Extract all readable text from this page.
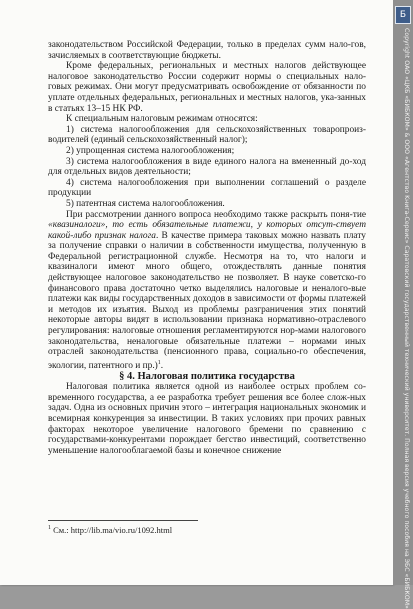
законодательством Российской Федерации, только в пределах сумм нало-гов, зачисляемых в соответствующие бюджеты.

Кроме федеральных, региональных и местных налогов действующее налоговое законодательство России содержит нормы о специальных нало-говых режимах. Они могут предусматривать освобождение от обязанности по уплате отдельных федеральных, региональных и местных налогов, ука-занных в статьях 13–15 НК РФ.

К специальным налоговым режимам относятся:

1) система налогообложения для сельскохозяйственных товаропроиз-водителей (единый сельскохозяйственный налог);

2) упрощенная система налогообложения;

3) система налогообложения в виде единого налога на вмененный до-ход для отдельных видов деятельности;

4) система налогообложения при выполнении соглашений о разделе продукции

5) патентная система налогообложения.

При рассмотрении данного вопроса необходимо также раскрыть поня-тие «квазиналоги», то есть обязательные платежи, у которых отсут-ствует какой-либо признак налога. В качестве примера таковых можно назвать плату за получение справки о наличии в собственности имущества, полученную в Федеральной регистрационной службе. Несмотря на то, что налоги и квазиналоги имеют много общего, отождествлять данные понятия действующее налоговое законодательство не позволяет. В науке советско-го финансового права достаточно четко выделялись налоговые и неналого-вые платежи как виды государственных доходов в зависимости от формы платежей и методов их изъятия. Выход из проблемы разграничения этих понятий некоторые авторы видят в использовании признака нормативно-отраслевого регулирования: налоговые отношения регламентируются нор-мами налогового законодательства, неналоговые обязательные платежи – нормами иных отраслей законодательства (пенсионного права, социально-го обеспечения, экологии, патентного и пр.)$^1$.

§ 4. Налоговая политика государства

Налоговая политика является одной из наиболее острых проблем со-временного государства, а ее разработка требует решения все более слож-ных задач. Одна из основных причин этого – интеграция национальных экономик и всемирная конкуренция за инвестиции. В таких условиях при прочих равных факторах некоторое увеличение налогового бремени по сравнению с государствами-конкурентами порождает бегство инвестиций, соответственно уменьшение налогооблагаемой базы и конечное снижение

$^1$ См.: http://lib.ma/vio.ru/1092.html
Б
Copyright ОАО «ЦКБ «БИБКОМ» & ООО «Aгентство Kнига-Cервис» Саратовский государственный технический университет. Полная версия учебного пособия на ЭБС «БИБКОМ»
